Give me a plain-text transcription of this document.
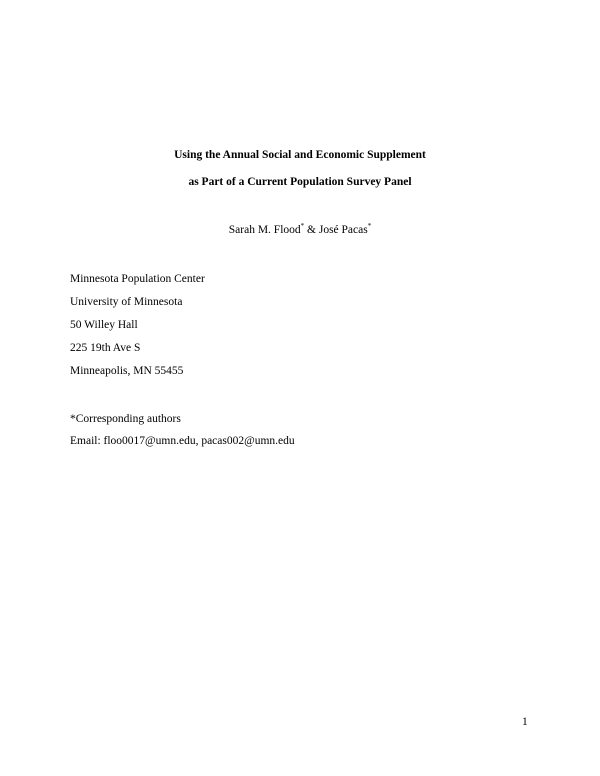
Using the Annual Social and Economic Supplement
as Part of a Current Population Survey Panel
Sarah M. Flood* & José Pacas*
Minnesota Population Center
University of Minnesota
50 Willey Hall
225 19th Ave S
Minneapolis, MN 55455
*Corresponding authors
Email: floo0017@umn.edu, pacas002@umn.edu
1
